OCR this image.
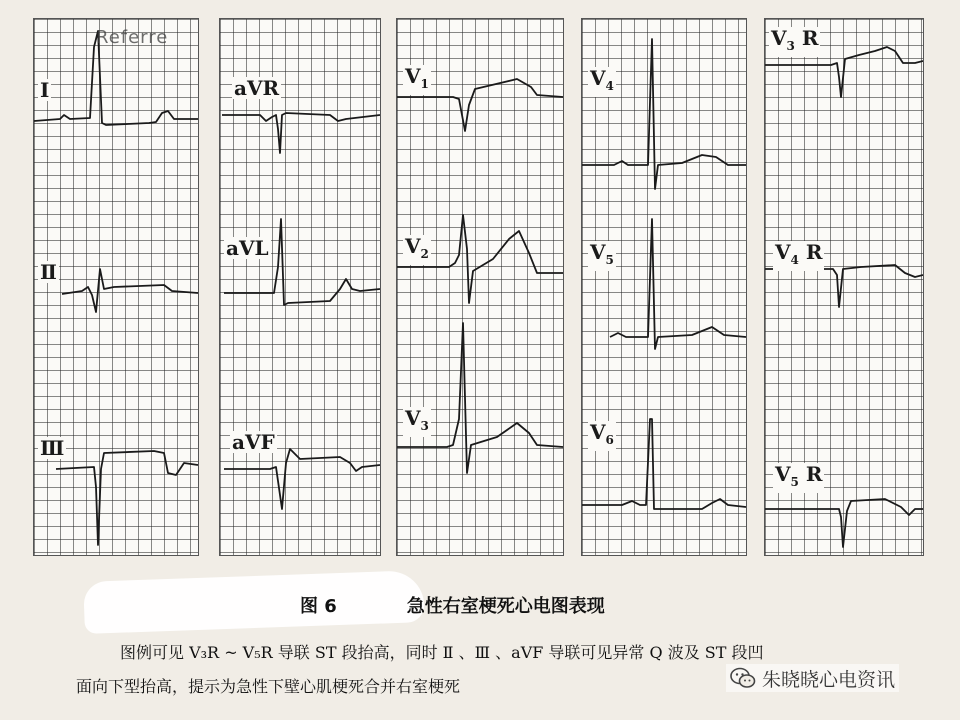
Referre
Ⅰ
Ⅱ
Ⅲ
aVR
aVL
aVF
$V_1$
$V_2$
$V_3$
$V_4$
$V_5$
$V_6$
$V_3$ R
$V_4$ R
$V_5$ R
图 6	急性右室梗死心电图表现
图例可见 V₃R ~ V₅R 导联 ST 段抬高，同时 Ⅱ 、Ⅲ 、aVF 导联可见异常 Q 波及 ST 段凹
面向下型抬高，提示为急性下壁心肌梗死合并右室梗死	朱晓晓心电资讯
